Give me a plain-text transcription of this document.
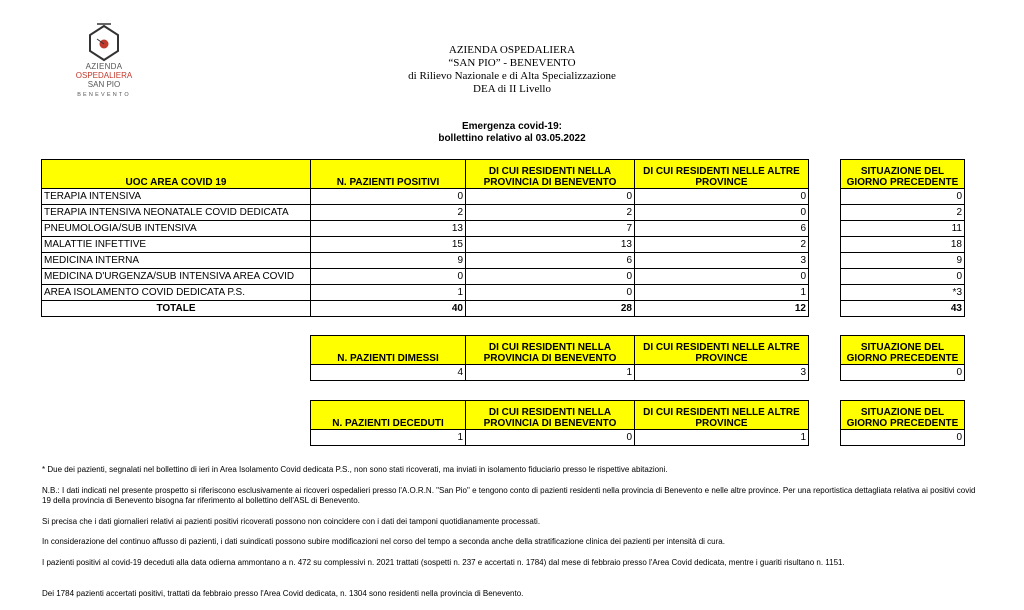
AZIENDA
OSPEDALIERA
SAN PIO
BENEVENTO
AZIENDA OSPEDALIERA
“SAN PIO” - BENEVENTO
di Rilievo Nazionale e di Alta Specializzazione
DEA di II Livello
Emergenza covid-19:
bollettino relativo al 03.05.2022
UOC AREA COVID 19	N. PAZIENTI POSITIVI	DI CUI RESIDENTI NELLA PROVINCIA DI BENEVENTO	DI CUI RESIDENTI NELLE ALTRE PROVINCE		SITUAZIONE DEL GIORNO PRECEDENTE
TERAPIA INTENSIVA	0	0	0		0
TERAPIA INTENSIVA NEONATALE COVID DEDICATA	2	2	0		2
PNEUMOLOGIA/SUB INTENSIVA	13	7	6		11
MALATTIE INFETTIVE	15	13	2		18
MEDICINA INTERNA	9	6	3		9
MEDICINA D'URGENZA/SUB INTENSIVA AREA COVID	0	0	0		0
AREA ISOLAMENTO COVID DEDICATA P.S.	1	0	1		*3
TOTALE	40	28	12		43
N. PAZIENTI DIMESSI	DI CUI RESIDENTI NELLA PROVINCIA DI BENEVENTO	DI CUI RESIDENTI NELLE ALTRE PROVINCE		SITUAZIONE DEL GIORNO PRECEDENTE
4	1	3		0
N. PAZIENTI DECEDUTI	DI CUI RESIDENTI NELLA PROVINCIA DI BENEVENTO	DI CUI RESIDENTI NELLE ALTRE PROVINCE		SITUAZIONE DEL GIORNO PRECEDENTE
1	0	1		0

* Due dei pazienti, segnalati nel bollettino di ieri in Area Isolamento Covid dedicata P.S., non sono stati ricoverati, ma inviati in isolamento fiduciario presso le rispettive abitazioni.

N.B.: I dati indicati nel presente prospetto si riferiscono esclusivamente ai ricoveri ospedalieri presso l'A.O.R.N. "San Pio" e tengono conto di pazienti residenti nella provincia di Benevento e nelle altre province. Per una reportistica dettagliata relativa ai positivi covid 19 della provincia di Benevento bisogna far riferimento al bollettino dell'ASL di Benevento.

Si precisa che i dati giornalieri relativi ai pazienti positivi ricoverati possono non coincidere con i dati dei tamponi quotidianamente processati.

In considerazione del continuo affusso di pazienti, i dati suindicati possono subire modificazioni nel corso del tempo a seconda anche della stratificazione clinica dei pazienti per intensità di cura.

I pazienti positivi al covid-19 deceduti alla data odierna ammontano a n. 472 su complessivi n. 2021 trattati (sospetti n. 237 e accertati n. 1784) dal mese di febbraio presso l'Area Covid dedicata, mentre i guariti risultano n. 1151.

Dei 1784 pazienti accertati positivi, trattati da febbraio presso l'Area Covid dedicata, n. 1304 sono residenti nella provincia di Benevento.
